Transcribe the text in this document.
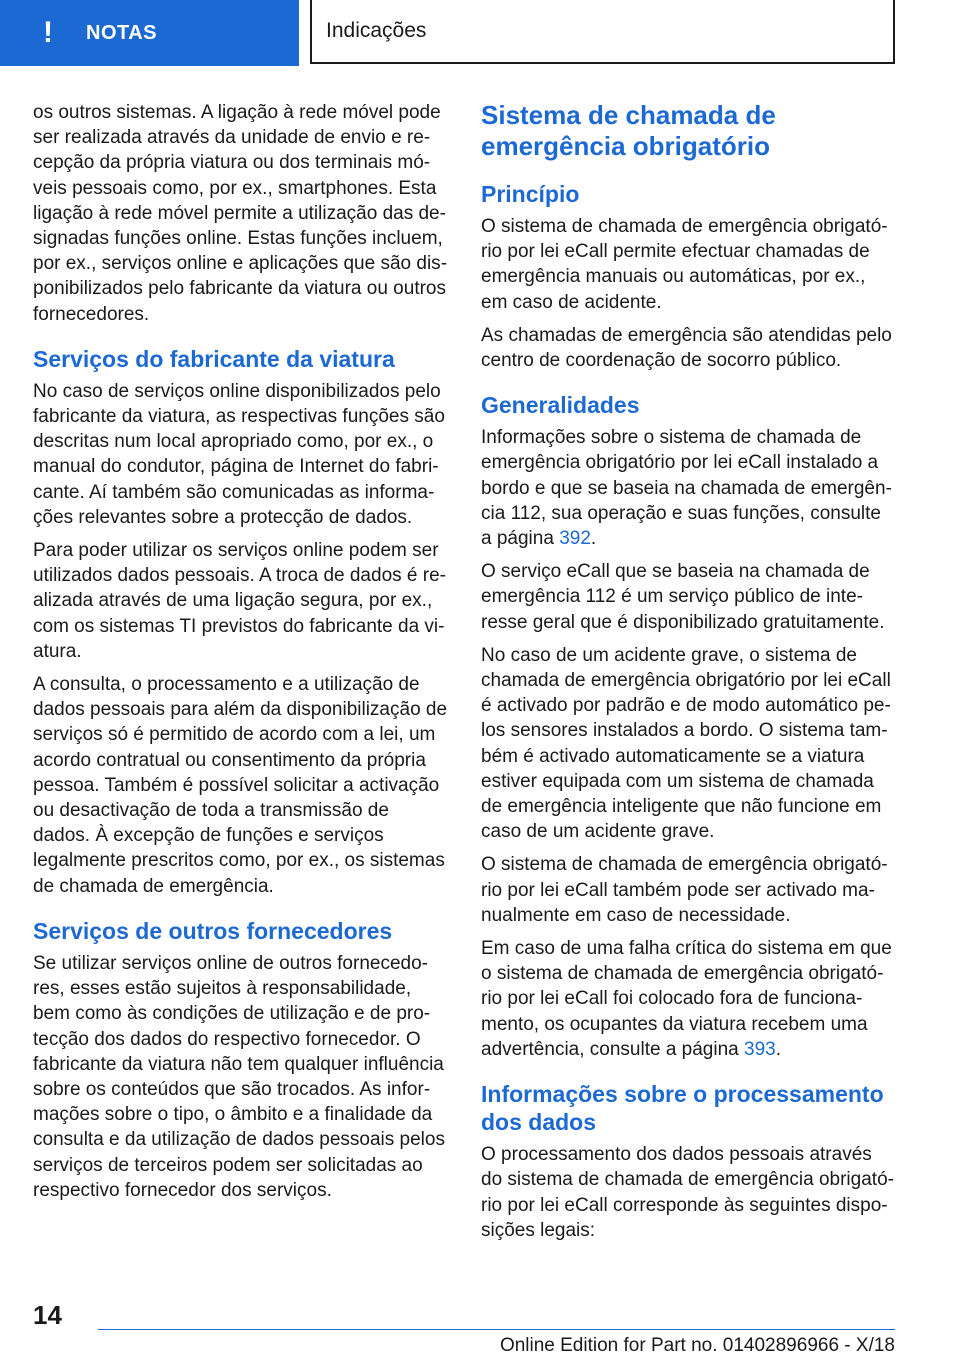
! NOTAS	Indicações

os outros sistemas. A ligação à rede móvel pode ser realizada através da unidade de envio e recepção da própria viatura ou dos terminais móveis pessoais como, por ex., smartphones. Esta ligação à rede móvel permite a utilização das designadas funções online. Estas funções incluem, por ex., serviços online e aplicações que são disponibilizados pelo fabricante da viatura ou outros fornecedores.

Serviços do fabricante da viatura

No caso de serviços online disponibilizados pelo fabricante da viatura, as respectivas funções são descritas num local apropriado como, por ex., o manual do condutor, página de Internet do fabricante. Aí também são comunicadas as informações relevantes sobre a protecção de dados.

Para poder utilizar os serviços online podem ser utilizados dados pessoais. A troca de dados é realizada através de uma ligação segura, por ex., com os sistemas TI previstos do fabricante da viatura.

A consulta, o processamento e a utilização de dados pessoais para além da disponibilização de serviços só é permitido de acordo com a lei, um acordo contratual ou consentimento da própria pessoa. Também é possível solicitar a activação ou desactivação de toda a transmissão de dados. À excepção de funções e serviços legalmente prescritos como, por ex., os sistemas de chamada de emergência.

Serviços de outros fornecedores

Se utilizar serviços online de outros fornecedores, esses estão sujeitos à responsabilidade, bem como às condições de utilização e de protecção dos dados do respectivo fornecedor. O fabricante da viatura não tem qualquer influência sobre os conteúdos que são trocados. As informações sobre o tipo, o âmbito e a finalidade da consulta e da utilização de dados pessoais pelos serviços de terceiros podem ser solicitadas ao respectivo fornecedor dos serviços.

Sistema de chamada de emergência obrigatório
Princípio

O sistema de chamada de emergência obrigatório por lei eCall permite efectuar chamadas de emergência manuais ou automáticas, por ex., em caso de acidente.

As chamadas de emergência são atendidas pelo centro de coordenação de socorro público.

Generalidades

Informações sobre o sistema de chamada de emergência obrigatório por lei eCall instalado a bordo e que se baseia na chamada de emergência 112, sua operação e suas funções, consulte a página 392.

O serviço eCall que se baseia na chamada de emergência 112 é um serviço público de interesse geral que é disponibilizado gratuitamente.

No caso de um acidente grave, o sistema de chamada de emergência obrigatório por lei eCall é activado por padrão e de modo automático pelos sensores instalados a bordo. O sistema também é activado automaticamente se a viatura estiver equipada com um sistema de chamada de emergência inteligente que não funcione em caso de um acidente grave.

O sistema de chamada de emergência obrigatório por lei eCall também pode ser activado manualmente em caso de necessidade.

Em caso de uma falha crítica do sistema em que o sistema de chamada de emergência obrigatório por lei eCall foi colocado fora de funcionamento, os ocupantes da viatura recebem uma advertência, consulte a página 393.

Informações sobre o processamento dos dados

O processamento dos dados pessoais através do sistema de chamada de emergência obrigatório por lei eCall corresponde às seguintes disposições legais:

14
Online Edition for Part no. 01402896966 - X/18
